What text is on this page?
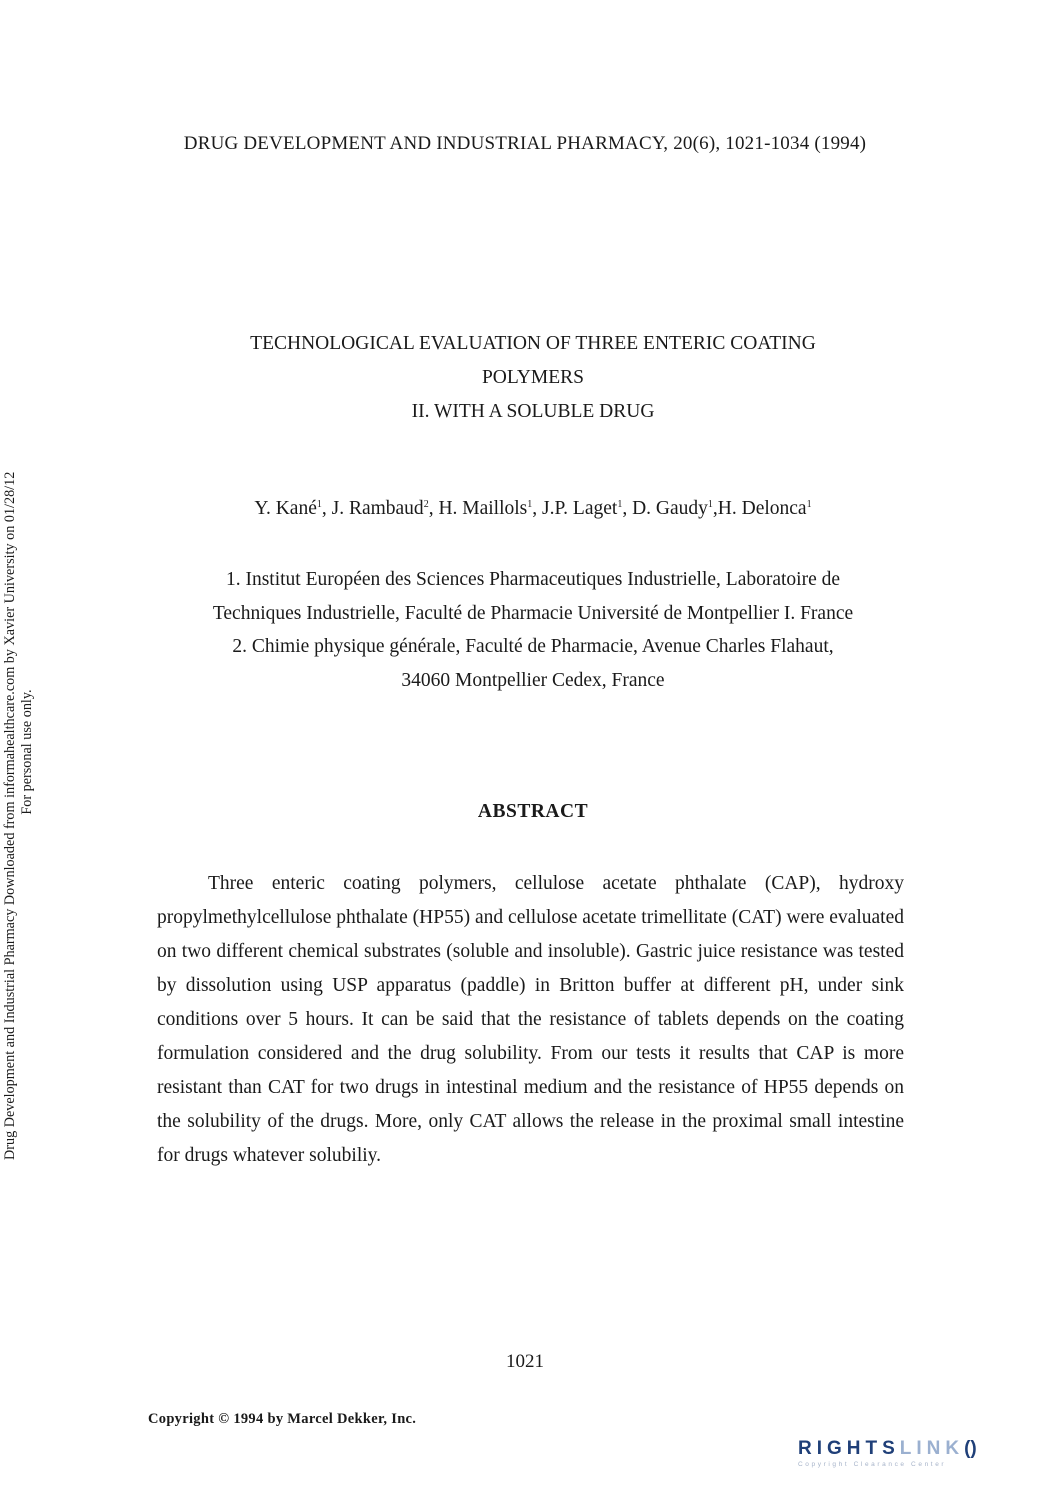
DRUG DEVELOPMENT AND INDUSTRIAL PHARMACY, 20(6), 1021-1034 (1994)
Drug Development and Industrial Pharmacy Downloaded from informahealthcare.com by Xavier University on 01/28/12 For personal use only.
TECHNOLOGICAL EVALUATION OF THREE ENTERIC COATING
POLYMERS
II. WITH A SOLUBLE DRUG
Y. Kané$^1$, J. Rambaud$^2$, H. Maillols$^1$, J.P. Laget$^1$, D. Gaudy$^1$,H. Delonca$^1$
1. Institut Européen des Sciences Pharmaceutiques Industrielle, Laboratoire de
Techniques Industrielle, Faculté de Pharmacie Université de Montpellier I. France
2. Chimie physique générale, Faculté de Pharmacie, Avenue Charles Flahaut,
34060 Montpellier Cedex, France
ABSTRACT

Three enteric coating polymers, cellulose acetate phthalate (CAP), hydroxy propylmethylcellulose phthalate (HP55) and cellulose acetate trimellitate (CAT) were evaluated on two different chemical substrates (soluble and insoluble). Gastric juice resistance was tested by dissolution using USP apparatus (paddle) in Britton buffer at different pH, under sink conditions over 5 hours. It can be said that the resistance of tablets depends on the coating formulation considered and the drug solubility. From our tests it results that CAP is more resistant than CAT for two drugs in intestinal medium and the resistance of HP55 depends on the solubility of the drugs. More, only CAT allows the release in the proximal small intestine for drugs whatever solubiliy.

1021
Copyright © 1994 by Marcel Dekker, Inc.
RIGHTSLINK()
Copyright Clearance Center
